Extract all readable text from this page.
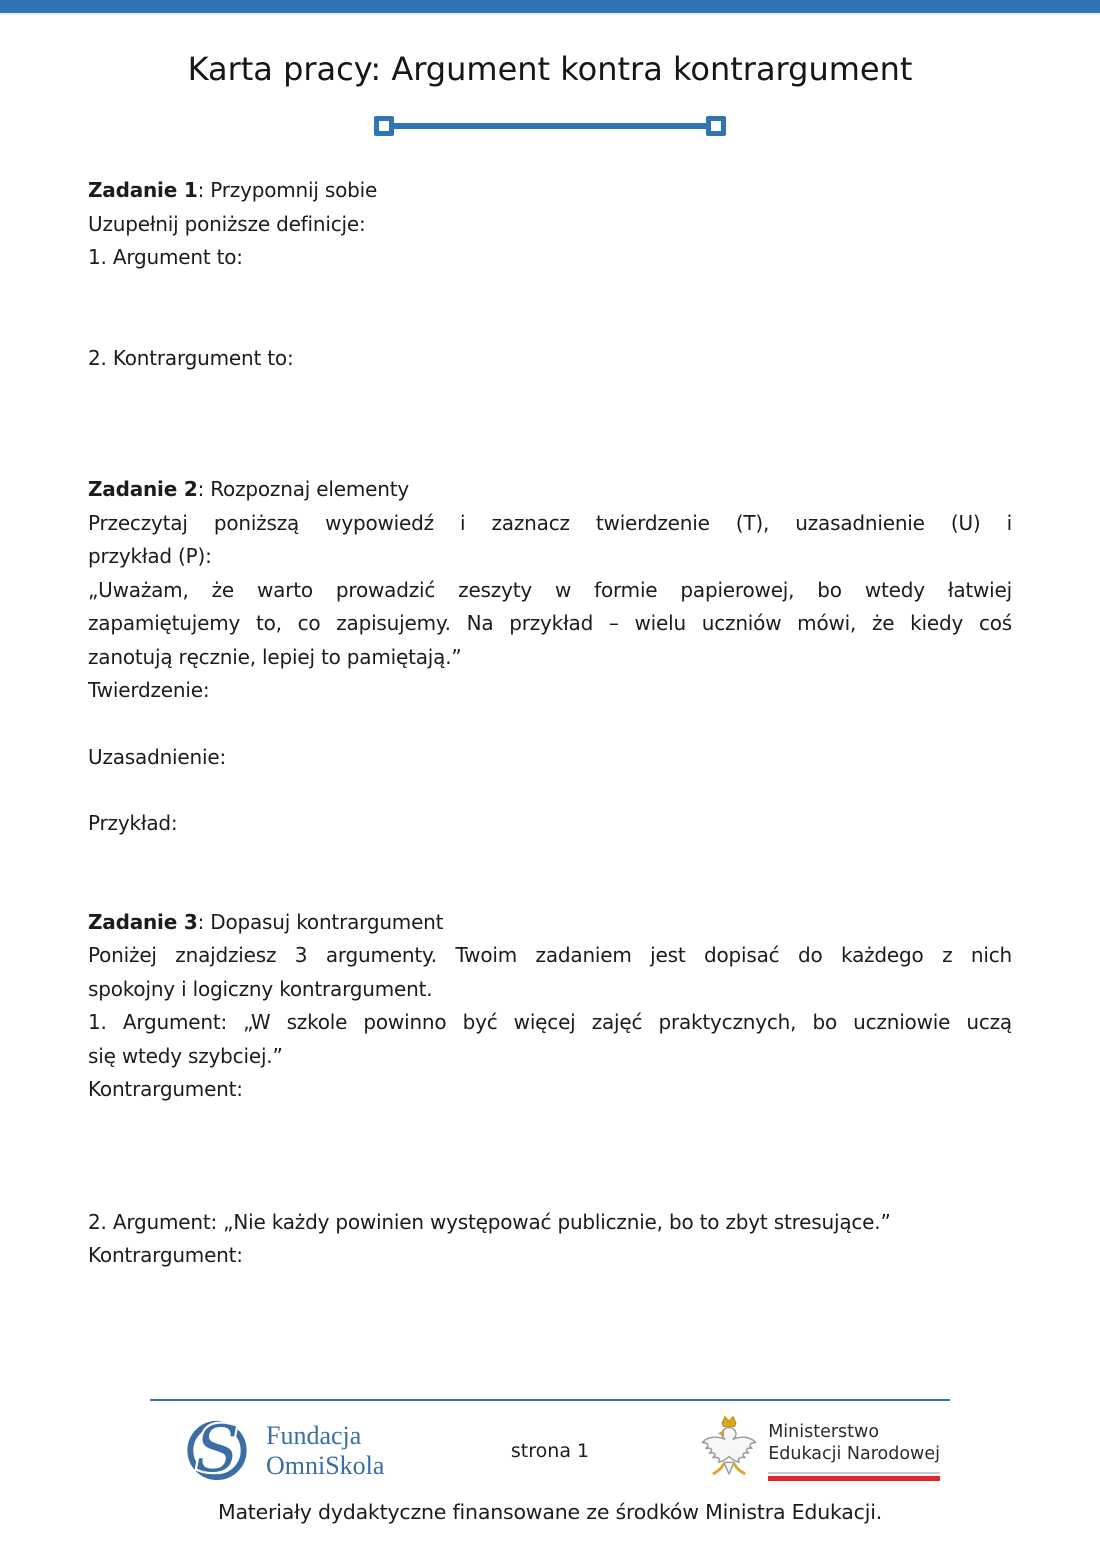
Karta pracy: Argument kontra kontrargument

Zadanie 1: Przypomnij sobie

Uzupełnij poniższe definicje:

1. Argument to:

2. Kontrargument to:

Zadanie 2: Rozpoznaj elementy

Przeczytaj poniższą wypowiedź i zaznacz twierdzenie (T), uzasadnienie (U) i

przykład (P):

„Uważam, że warto prowadzić zeszyty w formie papierowej, bo wtedy łatwiej

zapamiętujemy to, co zapisujemy. Na przykład – wielu uczniów mówi, że kiedy coś

zanotują ręcznie, lepiej to pamiętają.”

Twierdzenie:

Uzasadnienie:

Przykład:

Zadanie 3: Dopasuj kontrargument

Poniżej znajdziesz 3 argumenty. Twoim zadaniem jest dopisać do każdego z nich

spokojny i logiczny kontrargument.

1. Argument: „W szkole powinno być więcej zajęć praktycznych, bo uczniowie uczą

się wtedy szybciej.”

Kontrargument:

2. Argument: „Nie każdy powinien występować publicznie, bo to zbyt stresujące.”

Kontrargument:

S Fundacja
OmniSkola	strona 1
Ministerstwo
Edukacji Narodowej
Materiały dydaktyczne finansowane ze środków Ministra Edukacji.
